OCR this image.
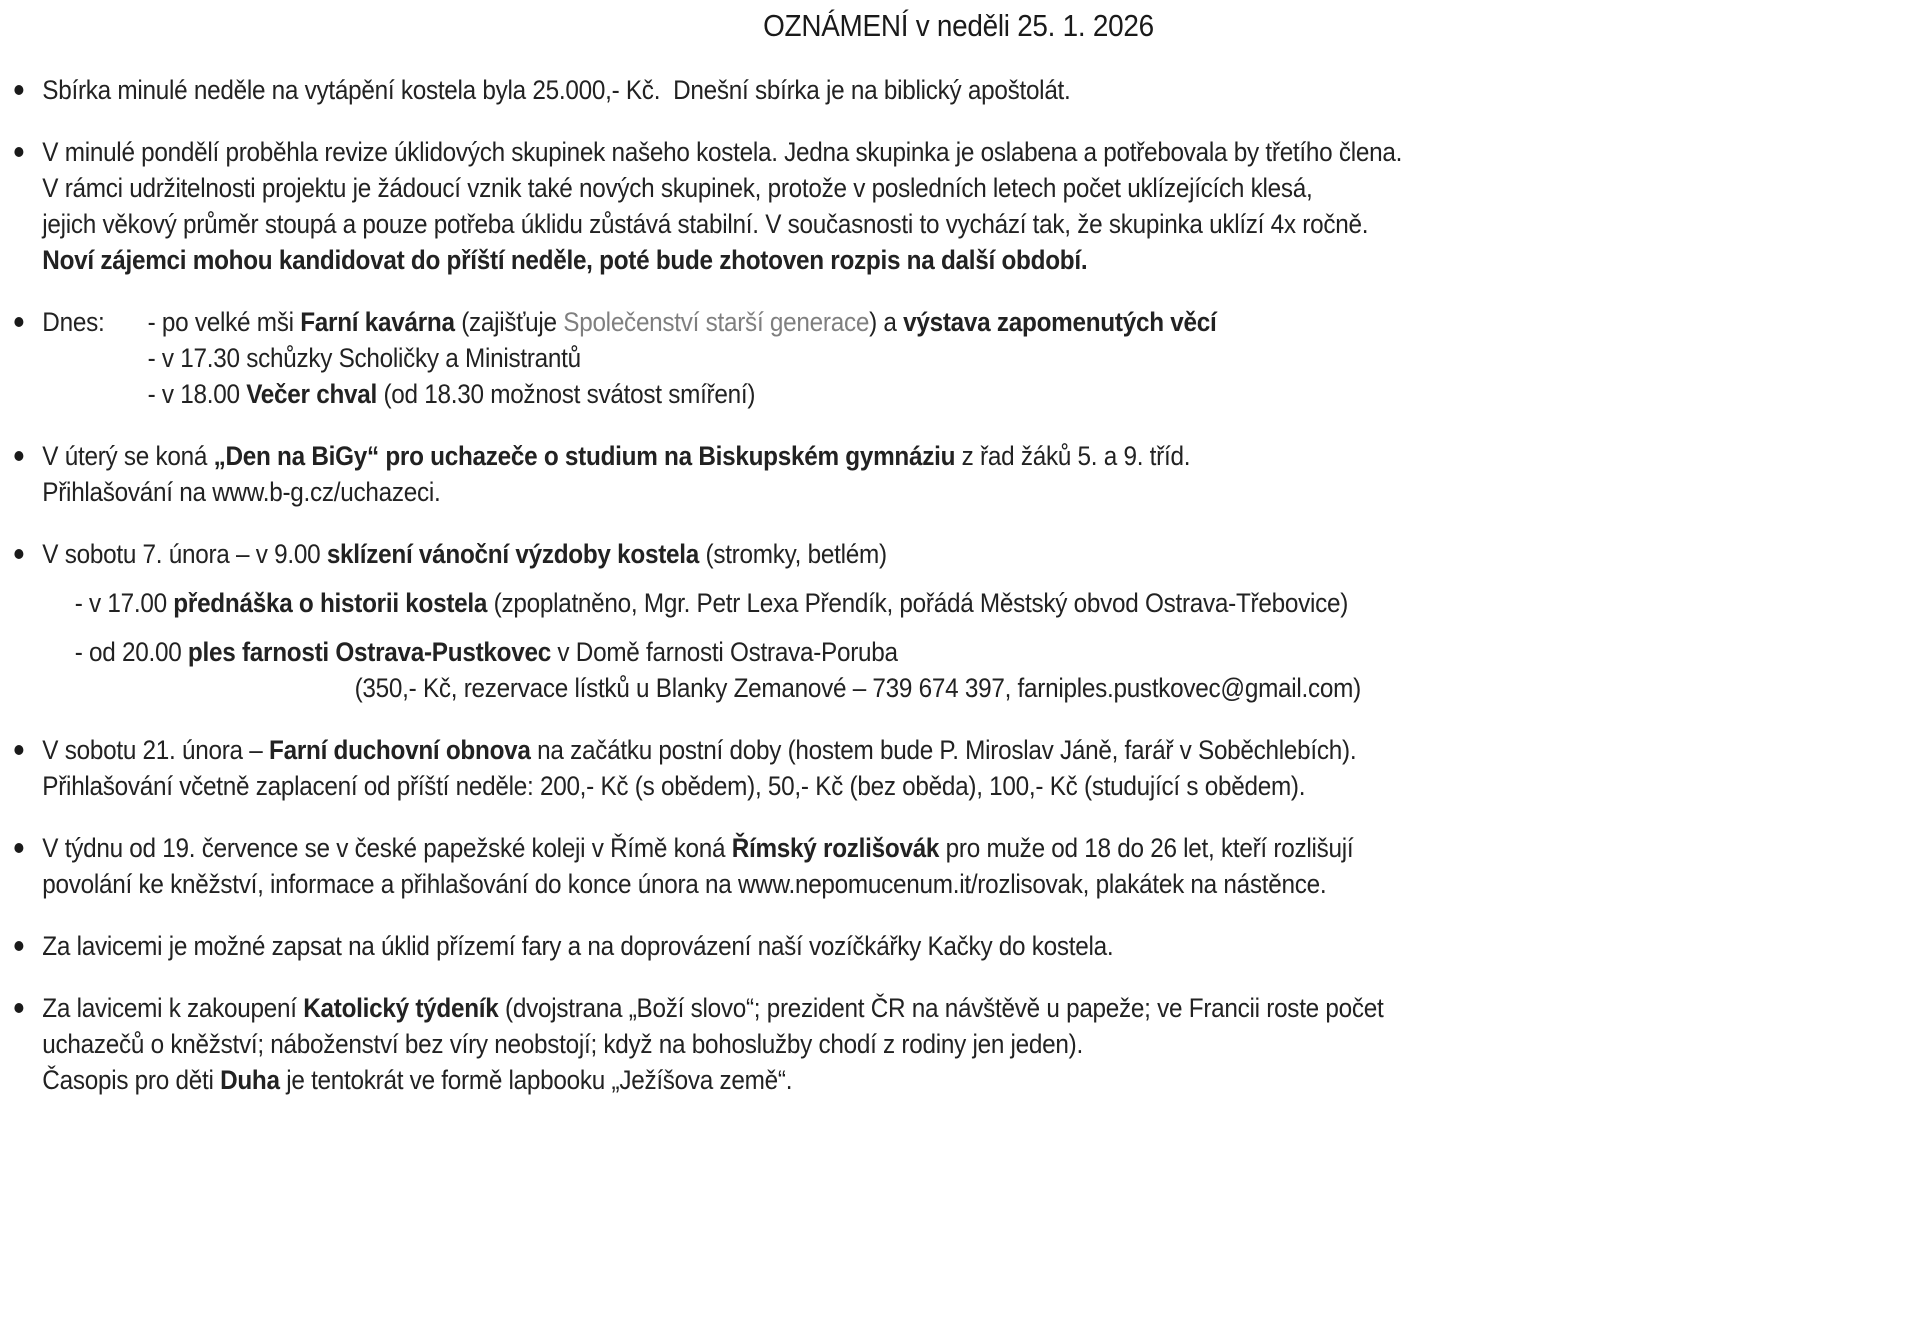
OZNÁMENÍ v neděli 25. 1. 2026
Sbírka minulé neděle na vytápění kostela byla 25.000,- Kč.  Dnešní sbírka je na biblický apoštolát.
V minulé pondělí proběhla revize úklidových skupinek našeho kostela. Jedna skupinka je oslabena a potřebovala by třetího člena.
V rámci udržitelnosti projektu je žádoucí vznik také nových skupinek, protože v posledních letech počet uklízejících klesá,
jejich věkový průměr stoupá a pouze potřeba úklidu zůstává stabilní. V současnosti to vychází tak, že skupinka uklízí 4x ročně.
Noví zájemci mohou kandidovat do příští neděle, poté bude zhotoven rozpis na další období.
Dnes: - po velké mši Farní kavárna (zajišťuje Společenství starší generace) a výstava zapomenutých věcí
- v 17.30 schůzky Scholičky a Ministrantů
- v 18.00 Večer chval (od 18.30 možnost svátost smíření)
V úterý se koná „Den na BiGy“ pro uchazeče o studium na Biskupském gymnáziu z řad žáků 5. a 9. tříd.
Přihlašování na www.b-g.cz/uchazeci.
V sobotu 7. února – v 9.00 sklízení vánoční výzdoby kostela (stromky, betlém)
- v 17.00 přednáška o historii kostela (zpoplatněno, Mgr. Petr Lexa Přendík, pořádá Městský obvod Ostrava-Třebovice)
- od 20.00 ples farnosti Ostrava-Pustkovec v Domě farnosti Ostrava-Poruba
(350,- Kč, rezervace lístků u Blanky Zemanové – 739 674 397, farniples.pustkovec@gmail.com)
V sobotu 21. února – Farní duchovní obnova na začátku postní doby (hostem bude P. Miroslav Jáně, farář v Soběchlebích).
Přihlašování včetně zaplacení od příští neděle: 200,- Kč (s obědem), 50,- Kč (bez oběda), 100,- Kč (studující s obědem).
V týdnu od 19. července se v české papežské koleji v Římě koná Římský rozlišovák pro muže od 18 do 26 let, kteří rozlišují
povolání ke kněžství, informace a přihlašování do konce února na www.nepomucenum.it/rozlisovak, plakátek na nástěnce.
Za lavicemi je možné zapsat na úklid přízemí fary a na doprovázení naší vozíčkářky Kačky do kostela.
Za lavicemi k zakoupení Katolický týdeník (dvojstrana „Boží slovo“; prezident ČR na návštěvě u papeže; ve Francii roste počet
uchazečů o kněžství; náboženství bez víry neobstojí; když na bohoslužby chodí z rodiny jen jeden).
Časopis pro děti Duha je tentokrát ve formě lapbooku „Ježíšova země“.
